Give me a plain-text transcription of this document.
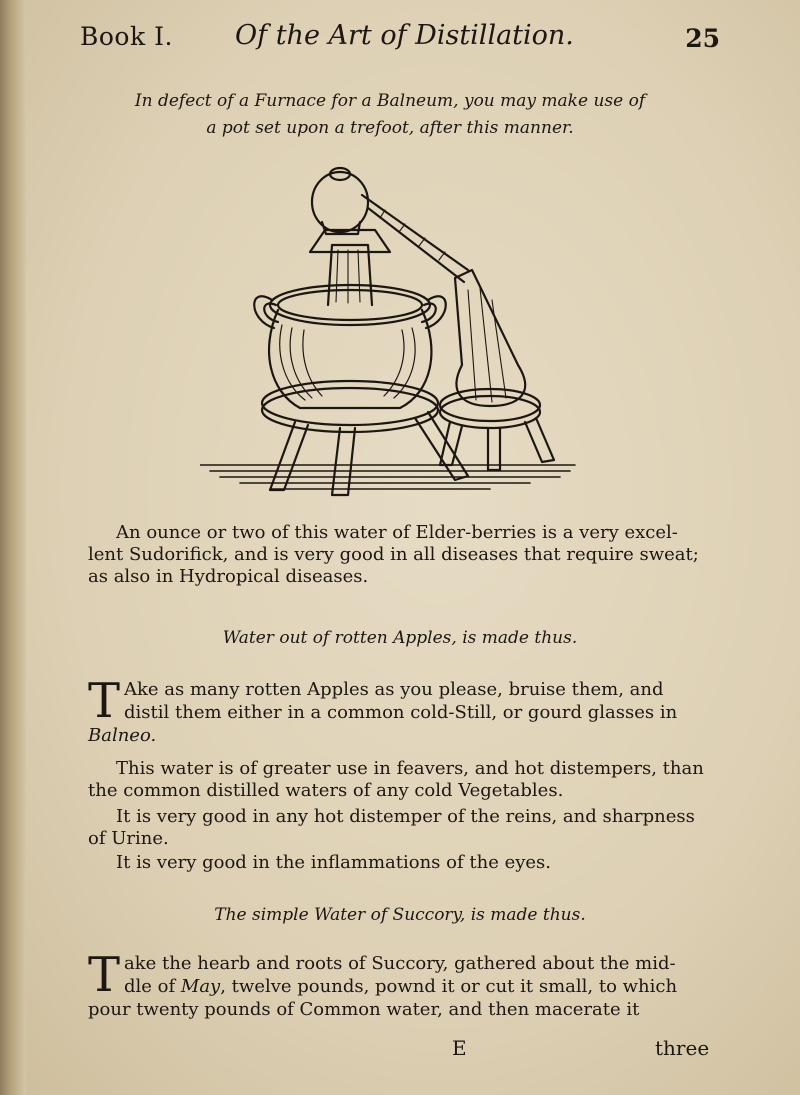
Book I. Of the Art of Distillation.	25
In defect of a Furnace for a Balneum, you may make use of
a pot set upon a trefoot, after this manner.
An ounce or two of this water of Elder-berries is a very excel-
lent Sudorifick, and is very good in all diseases that require sweat;
as also in Hydropical diseases.
Water out of rotten Apples, is made thus.
T Ake as many rotten Apples as you please, bruise them, and
distil them either in a common cold-Still, or gourd glasses in
Balneo.
This water is of greater use in feavers, and hot distempers, than
the common distilled waters of any cold Vegetables.
It is very good in any hot distemper of the reins, and sharpness
of Urine.
It is very good in the inflammations of the eyes.
The simple Water of Succory, is made thus.
T ake the hearb and roots of Succory, gathered about the mid-
dle of May, twelve pounds, pownd it or cut it small, to which
pour twenty pounds of Common water, and then macerate it
E	three
